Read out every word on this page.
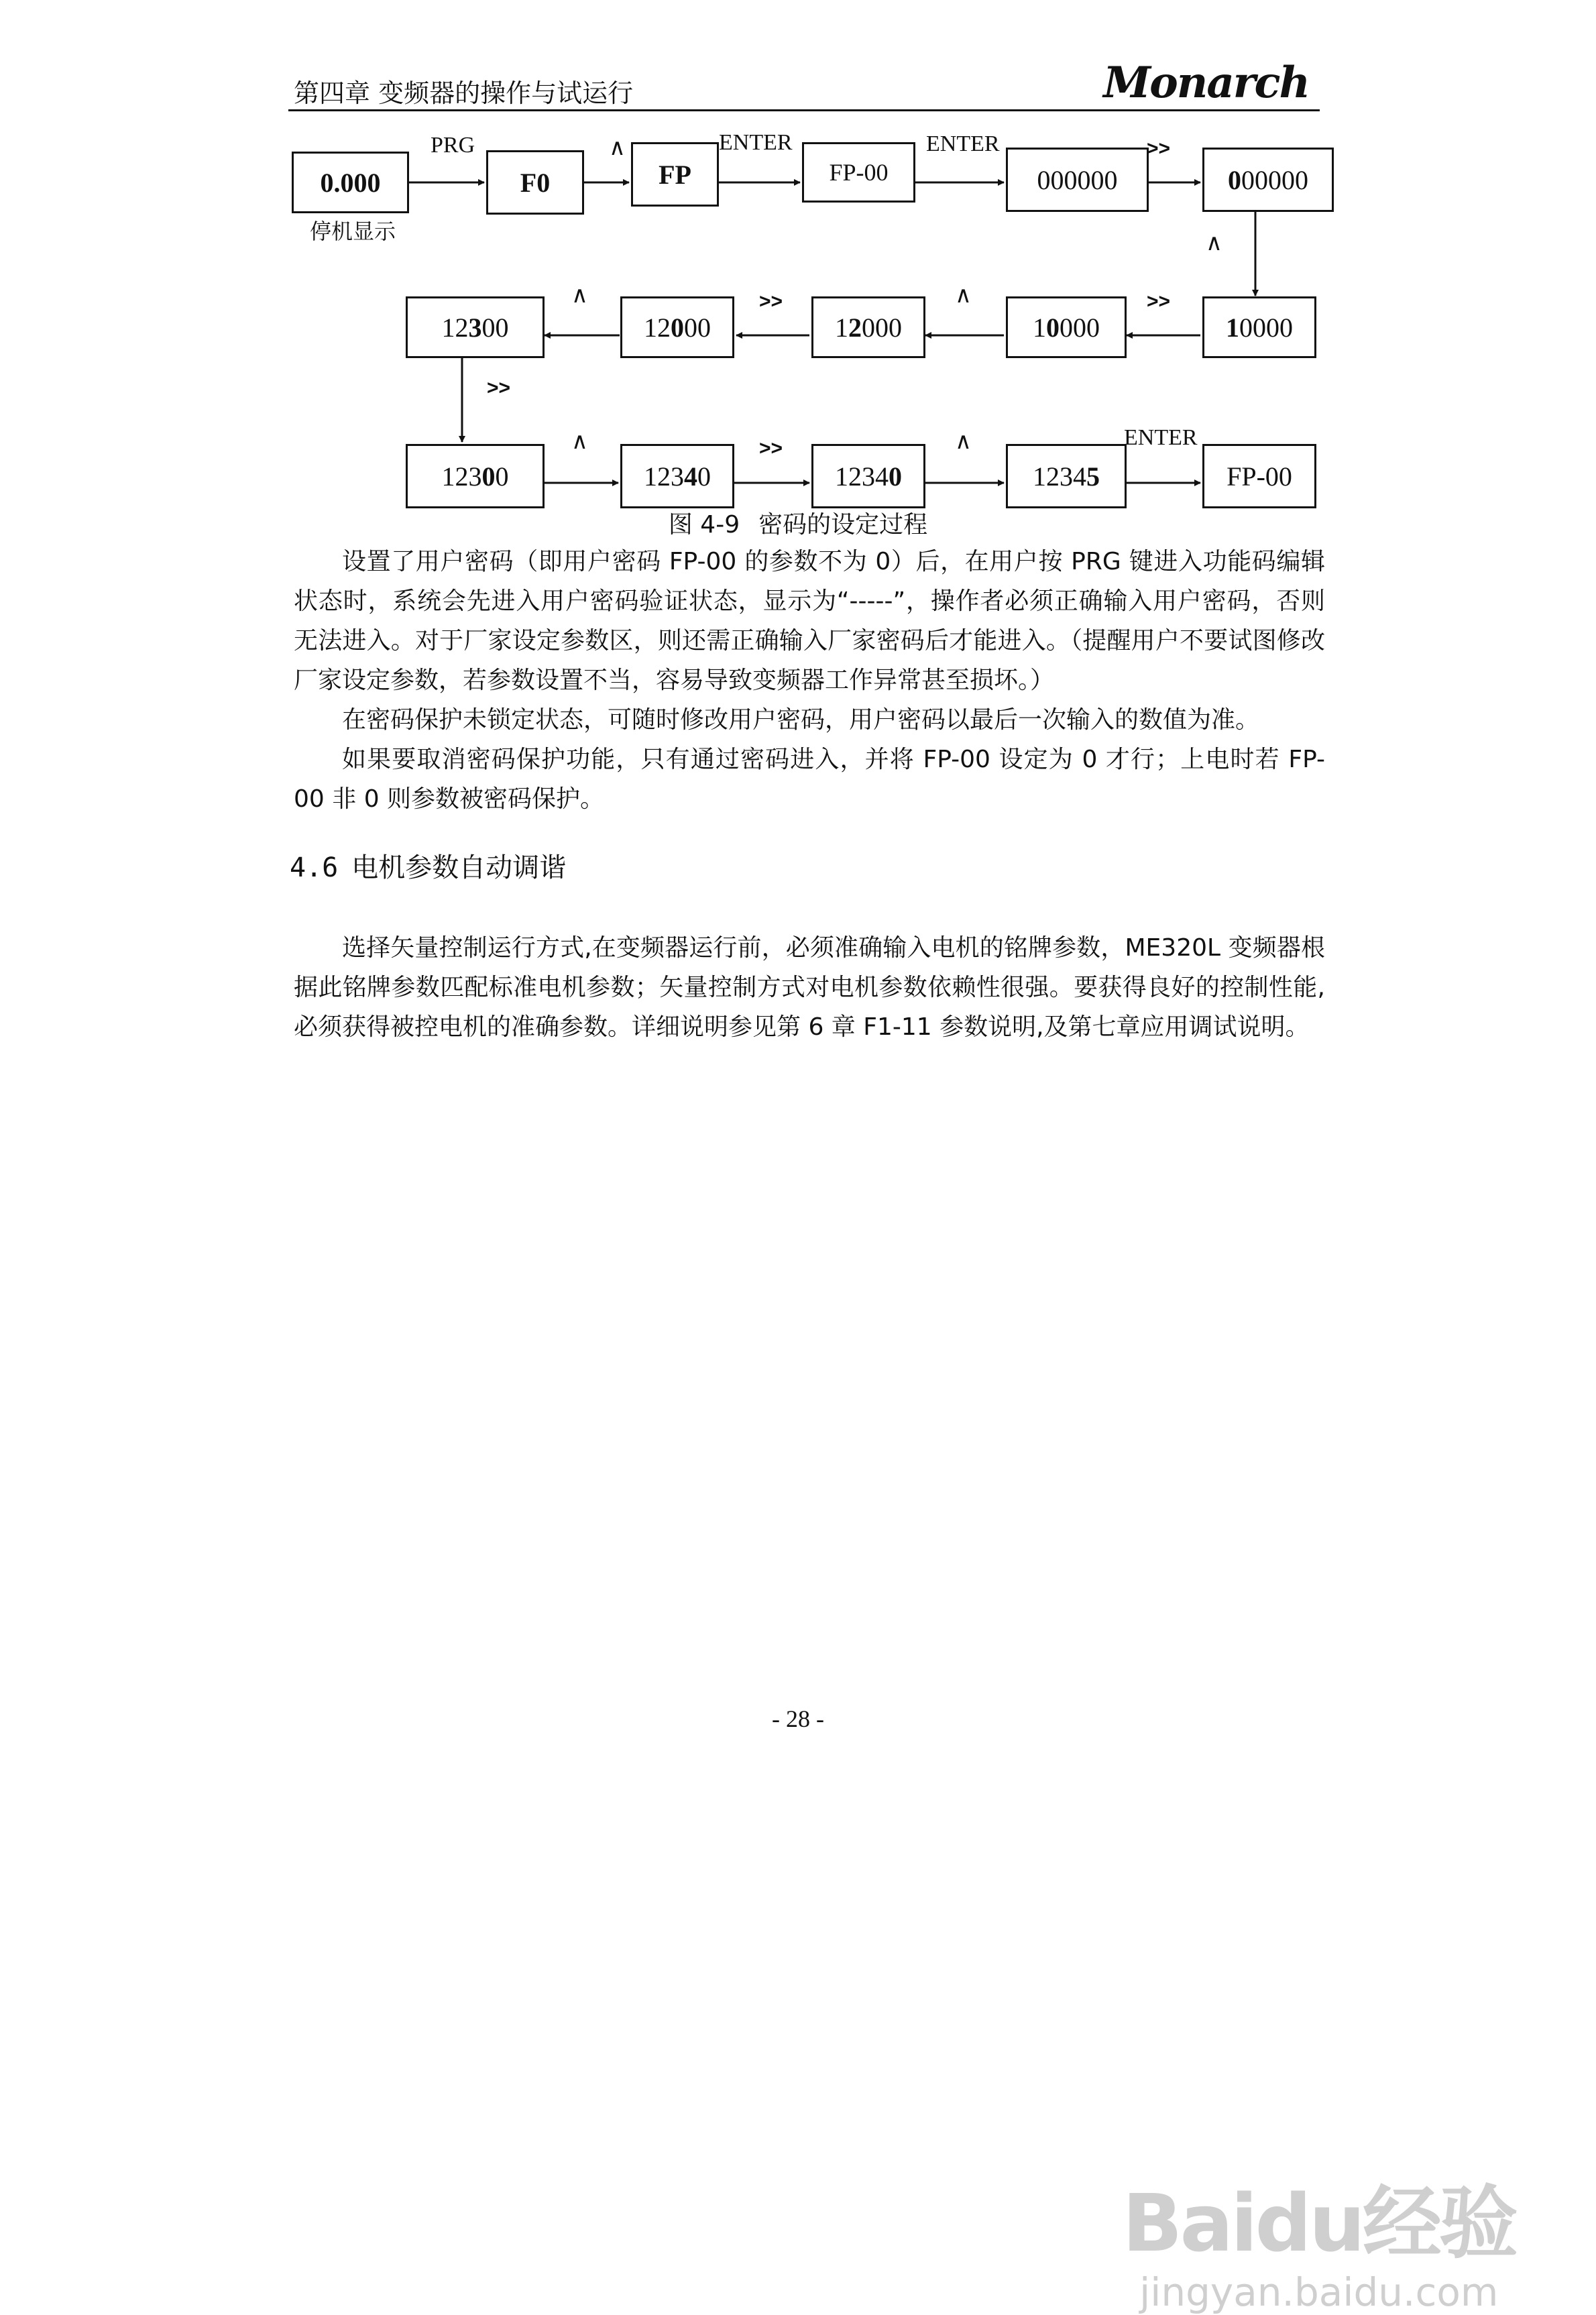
第四章 变频器的操作与试运行	Monarch
0.000	F0	FP	FP-00	000000	0 00000
PRG	∧	ENTER	ENTER	>>
停机显示	∧
12 3 00	12 0 00	1 2 000	1 0 000	1 0000
∧	>>	∧	>>
>>
123 0 0	123 4 0	1234 0	1234 5	FP-00
∧	>>	∧	ENTER
图 4-9 密码的设定过程
设置了用户密码（即用户密码 FP-00 的参数不为 0）后，在用户按 PRG 键进入功能码编辑状态时，系统会先进入用户密码验证状态，显示为“-----”，操作者必须正确输入用户密码，否则无法进入。对于厂家设定参数区，则还需正确输入厂家密码后才能进入。（提醒用户不要试图修改厂家设定参数，若参数设置不当，容易导致变频器工作异常甚至损坏。）
在密码保护未锁定状态，可随时修改用户密码，用户密码以最后一次输入的数值为准。
如果要取消密码保护功能，只有通过密码进入，并将 FP-00 设定为 0 才行；上电时若 FP-00 非 0 则参数被密码保护。
4.6 电机参数自动调谐
选择矢量控制运行方式,在变频器运行前，必须准确输入电机的铭牌参数，ME320L 变频器根据此铭牌参数匹配标准电机参数；矢量控制方式对电机参数依赖性很强。要获得良好的控制性能,必须获得被控电机的准确参数。详细说明参见第 6 章 F1-11 参数说明,及第七章应用调试说明。
- 28 -
Baidu经验
jingyan.baidu.com
